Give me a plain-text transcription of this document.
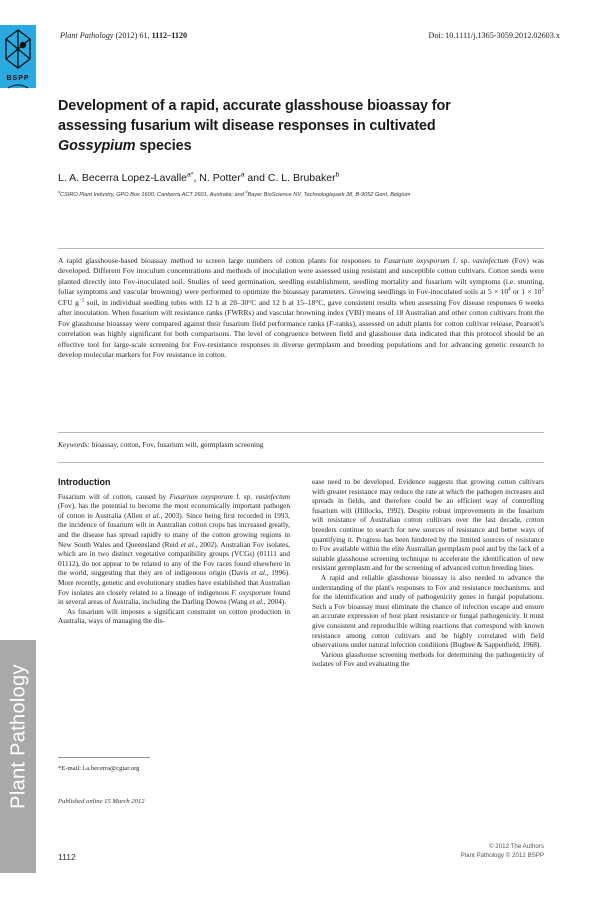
BSPP
Plant Pathology
Plant Pathology (2012) 61, 1112–1120	Doi: 10.1111/j.1365-3059.2012.02603.x
Development of a rapid, accurate glasshouse bioassay for
assessing fusarium wilt disease responses in cultivated
Gossypium species
L. A. Becerra Lopez-Lavalle$^{a*}$, N. Potter$^a$ and C. L. Brubaker$^b$
$^a$CSIRO Plant Industry, GPO Box 1600, Canberra ACT 2601, Australia; and $^b$Bayer BioScience NV, Technologiepark 38, B-9052 Gent, Belgium
A rapid glasshouse-based bioassay method to screen large numbers of cotton plants for responses to Fusarium oxysporum f. sp. vasinfectum (Fov) was developed. Different Fov inoculum concentrations and methods of inoculation were assessed using resistant and susceptible cotton cultivars. Cotton seeds were planted directly into Fov-inoculated soil. Studies of seed germination, seedling establishment, seedling mortality and fusarium wilt symptoms (i.e. stunting, foliar symptoms and vascular browning) were performed to optimize the bioassay parameters. Growing seedlings in Fov-inoculated soils at $5 \times 10^4$ or $1 \times 10^5$ CFU $g^{-1}$ soil, in individual seedling tubes with 12 h at 28–30°C and 12 h at 15–18°C, gave consistent results when assessing Fov disease responses 6 weeks after inoculation. When fusarium wilt resistance ranks (FWRRs) and vascular browning index (VBI) means of 18 Australian and other cotton cultivars from the Fov glasshouse bioassay were compared against their fusarium field performance ranks (F-ranks), assessed on adult plants for cotton cultivar release, Pearson's correlation was highly significant for both comparisons. The level of congruence between field and glasshouse data indicated that this protocol should be an effective tool for large-scale screening for Fov-resistance responses in diverse germplasm and breeding populations and for advancing genetic research to develop molecular markers for Fov resistance in cotton.
Keywords: bioassay, cotton, Fov, fusarium wilt, germplasm screening
Introduction

Fusarium wilt of cotton, caused by Fusarium oxysporum f. sp. vasinfectum (Fov), has the potential to become the most economically important pathogen of cotton in Australia (Allen et al., 2003). Since being first recorded in 1993, the incidence of fusarium wilt in Australian cotton crops has increased greatly, and the disease has spread rapidly to many of the cotton growing regions in New South Wales and Queensland (Reid et al., 2002). Australian Fov isolates, which are in two distinct vegetative compatibility groups (VCGs) (01111 and 01112), do not appear to be related to any of the Fov races found elsewhere in the world, suggesting that they are of indigenous origin (Davis et al., 1996). More recently, genetic and evolutionary studies have established that Australian Fov isolates are closely related to a lineage of indigenous F. oxysporum found in several areas of Australia, including the Darling Downs (Wang et al., 2004).

As fusarium wilt imposes a significant constraint on cotton production in Australia, ways of managing the dis-

ease need to be developed. Evidence suggests that growing cotton cultivars with greater resistance may reduce the rate at which the pathogen increases and spreads in fields, and therefore could be an efficient way of controlling fusarium wilt (Hillocks, 1992). Despite robust improvements in the fusarium wilt resistance of Australian cotton cultivars over the last decade, cotton breeders continue to search for new sources of resistance and better ways of quantifying it. Progress has been hindered by the limited sources of resistance to Fov available within the elite Australian germplasm pool and by the lack of a suitable glasshouse screening technique to accelerate the identification of new resistant germplasm and for the screening of advanced cotton breeding lines.

A rapid and reliable glasshouse bioassay is also needed to advance the understanding of the plant's responses to Fov and resistance mechanisms, and for the identification and study of pathogenicity genes in fungal populations. Such a Fov bioassay must eliminate the chance of infection escape and ensure an accurate expression of host plant resistance or fungal pathogenicity. It must give consistent and reproducible wilting reactions that correspond with known resistance among cotton cultivars and be highly correlated with field observations under natural infection conditions (Bugbee & Sappenfield, 1968).

Various glasshouse screening methods for determining the pathogenicity of isolates of Fov and evaluating the

*E-mail: l.a.becerra@cgiar.org
Published online 15 March 2012
1112
© 2012 The Authors
Plant Pathology © 2012 BSPP
